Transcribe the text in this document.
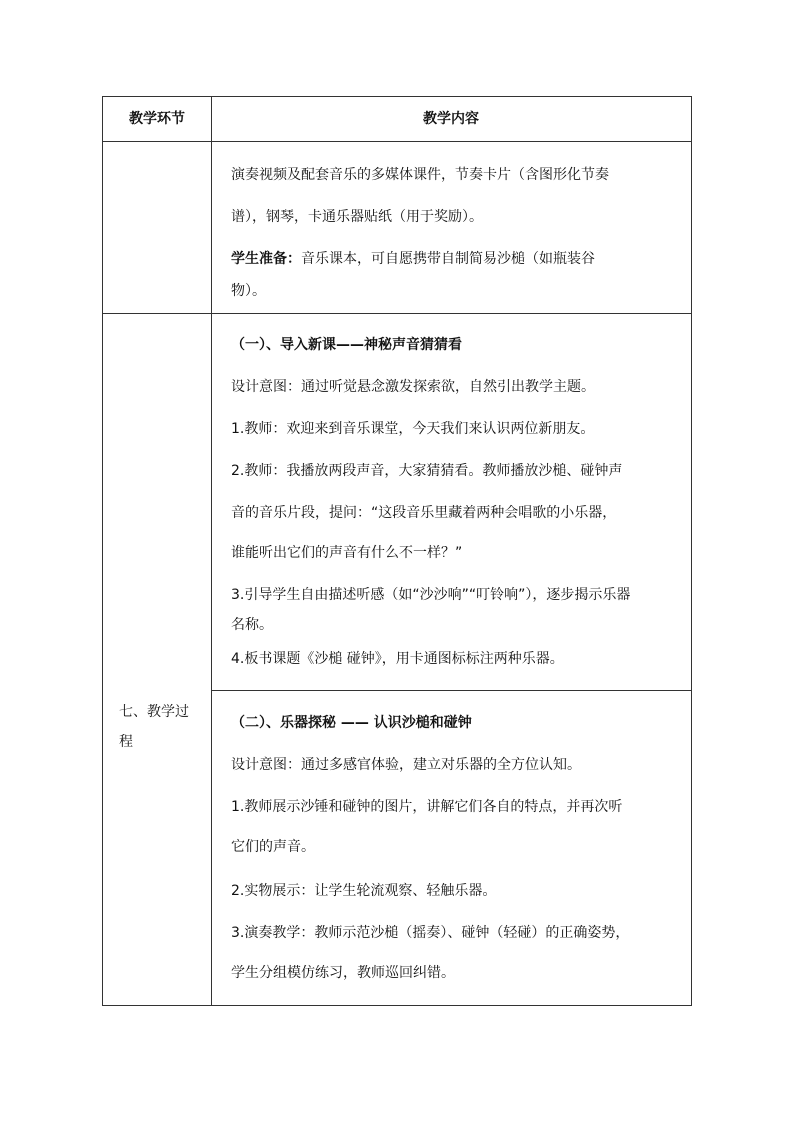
教学环节	教学内容
演奏视频及配套音乐的多媒体课件，节奏卡片（含图形化节奏
谱），钢琴，卡通乐器贴纸（用于奖励）。
学生准备：音乐课本，可自愿携带自制简易沙槌（如瓶装谷
物）。
七、教学过
程
（一）、导入新课——神秘声音猜猜看
设计意图：通过听觉悬念激发探索欲，自然引出教学主题。
1.教师：欢迎来到音乐课堂，今天我们来认识两位新朋友。
2.教师：我播放两段声音，大家猜猜看。教师播放沙槌、碰钟声
音的音乐片段，提问：“这段音乐里藏着两种会唱歌的小乐器，
谁能听出它们的声音有什么不一样？”
3.引导学生自由描述听感（如“沙沙响”“叮铃响”），逐步揭示乐器
名称。
4.板书课题《沙槌 碰钟》，用卡通图标标注两种乐器。
（二）、乐器探秘 —— 认识沙槌和碰钟
设计意图：通过多感官体验，建立对乐器的全方位认知。
1.教师展示沙锤和碰钟的图片，讲解它们各自的特点，并再次听
它们的声音。
2.实物展示：让学生轮流观察、轻触乐器。
3.演奏教学：教师示范沙槌（摇奏）、碰钟（轻碰）的正确姿势，
学生分组模仿练习，教师巡回纠错。
